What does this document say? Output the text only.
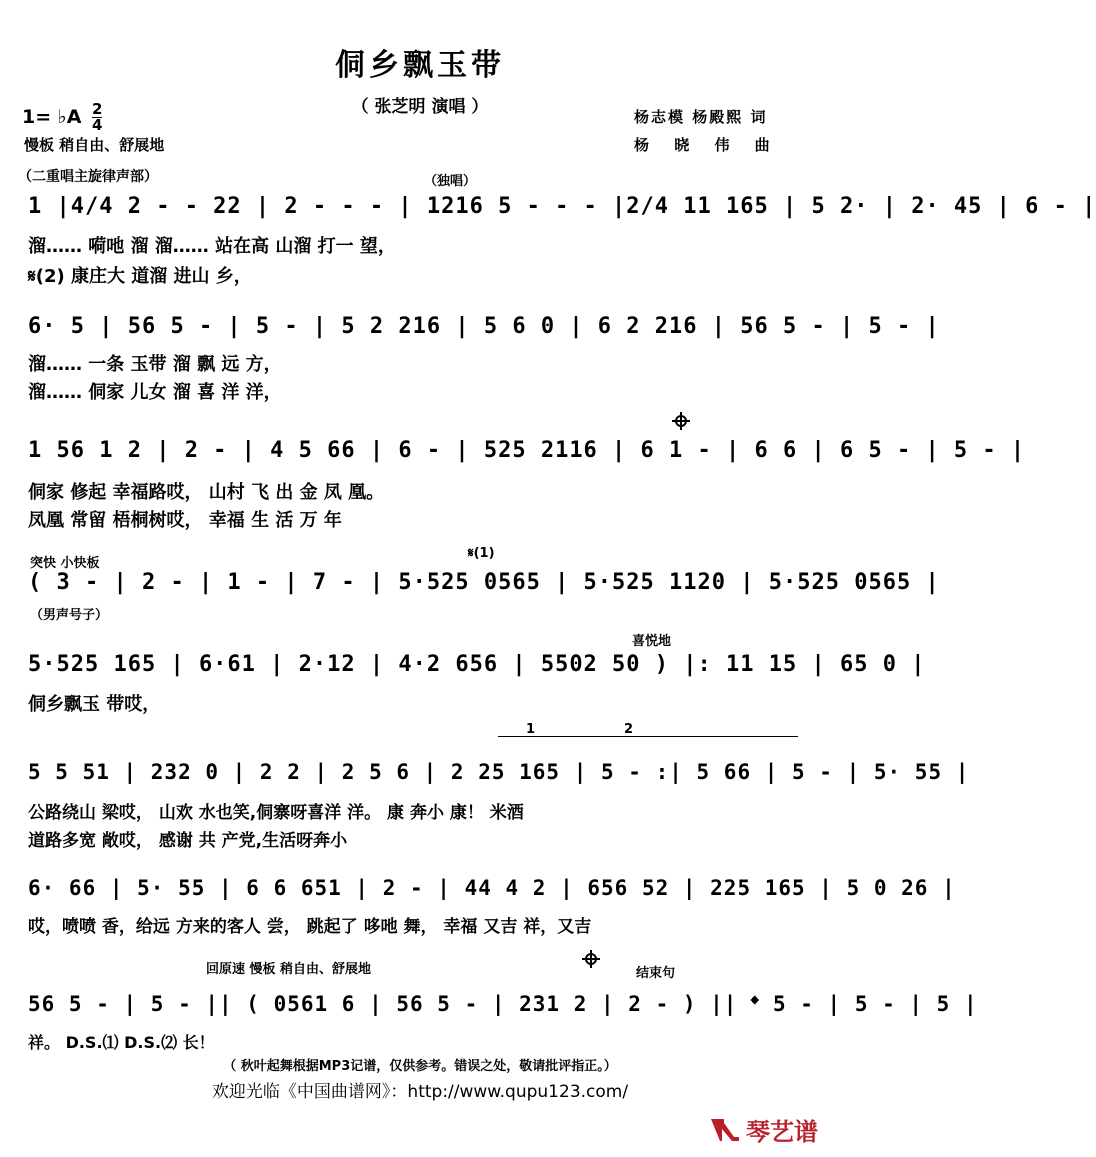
侗乡飘玉带
（ 张芝明 演唱 ）
1= ♭A $\frac{2}{4}$
慢板 稍自由、舒展地
杨志模 杨殿熙 词
杨 晓 伟 曲
（二重唱主旋律声部）	（独唱）
1 |4/4 2 - - 22 | 2 - - - | 1216 5 - - - |2/4 11 165 | 5 2· | 2· 45 | 6 - |
溜…… 嗬吔 溜 溜…… 站在高 山溜 打一 望，
𝄋(2) 康庄大 道溜 进山 乡，
6· 5 | 56 5 - | 5 - | 5 2 216 | 5 6 0 | 6 2 216 | 56 5 - | 5 - |
溜…… 一条 玉带 溜 飘 远 方，
溜…… 侗家 儿女 溜 喜 洋 洋，
1 56 1 2 | 2 - | 4 5 66 | 6 - | 525 2116 | 6 1 - | 6 6 | 6 5 - | 5 - |
侗家 修起 幸福路哎， 山村 飞 出 金 凤 凰。
凤凰 常留 梧桐树哎， 幸福 生 活 万 年
突快 小快板
𝄋(1)
( 3 - | 2 - | 1 - | 7 - | 5·525 0565 | 5·525 1120 | 5·525 0565 |
（男声号子）
喜悦地
5·525 165 | 6·61 | 2·12 | 4·2 656 | 5502 50 ) |: 11 15 | 65 0 |
侗乡飘玉 带哎，
1	2
5 5 51 | 232 0 | 2 2 | 2 5 6 | 2 25 165 | 5 - :| 5 66 | 5 - | 5· 55 |
公路绕山 梁哎， 山欢 水也笑,侗寨呀喜洋 洋。 康 奔小 康！ 米酒
道路多宽 敞哎， 感谢 共 产党,生活呀奔小
6· 66 | 5· 55 | 6 6 651 | 2 - | 44 4 2 | 656 52 | 225 165 | 5 0 26 |
哎，喷喷 香，给远 方来的客人 尝， 跳起了 哆吔 舞， 幸福 又吉 祥，又吉
回原速 慢板 稍自由、舒展地	结束句
56 5 - | 5 - || ( 0561 6 | 56 5 - | 231 2 | 2 - ) || 𝄌 5 - | 5 - | 5 |
祥。 D.S.⑴ D.S.⑵ 长！
（ 秋叶起舞根据MP3记谱，仅供参考。错误之处，敬请批评指正。）
欢迎光临《中国曲谱网》：http://www.qupu123.com/
琴艺谱
